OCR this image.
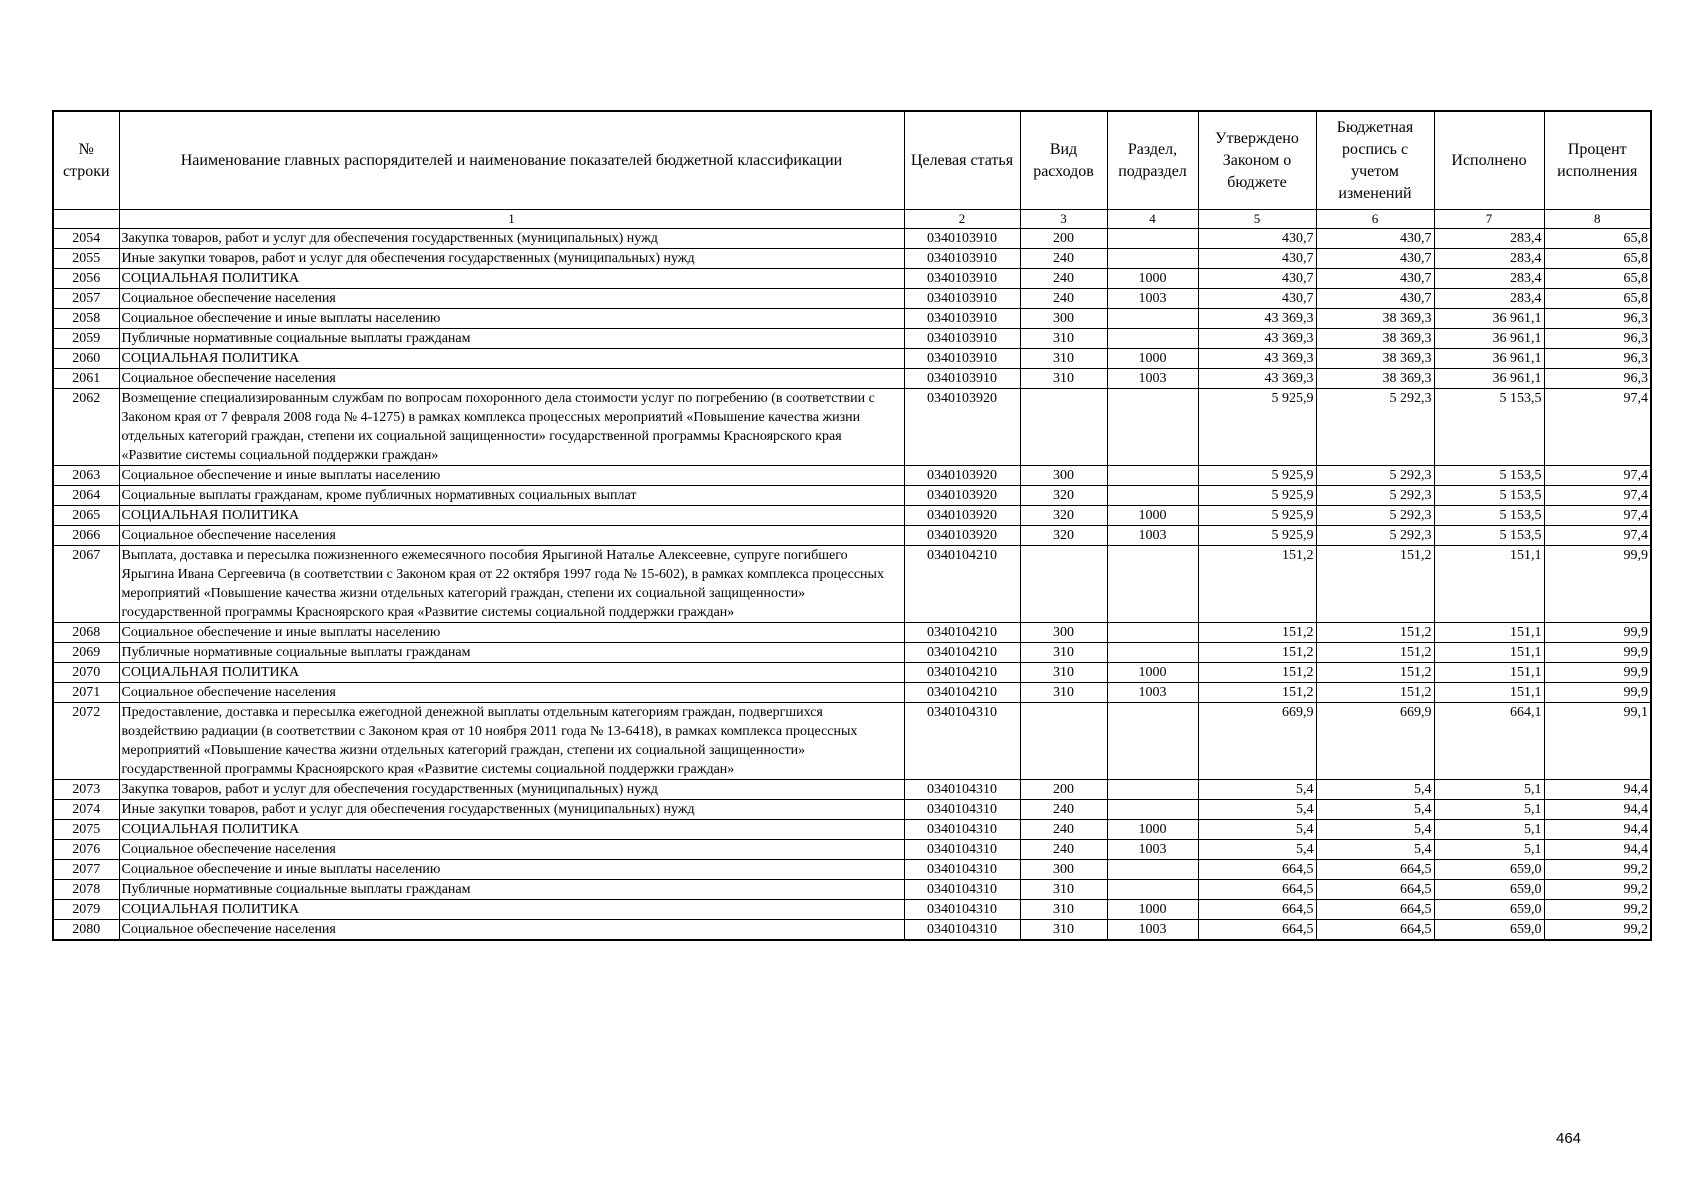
№ строки	Наименование главных распорядителей и наименование показателей бюджетной классификации	Целевая статья	Вид расходов	Раздел, подраздел	Утверждено Законом о бюджете	Бюджетная роспись с учетом изменений	Исполнено	Процент исполнения
	1	2	3	4	5	6	7	8
2054	Закупка товаров, работ и услуг для обеспечения государственных (муниципальных) нужд	0340103910	200		430,7	430,7	283,4	65,8
2055	Иные закупки товаров, работ и услуг для обеспечения государственных (муниципальных) нужд	0340103910	240		430,7	430,7	283,4	65,8
2056	СОЦИАЛЬНАЯ ПОЛИТИКА	0340103910	240	1000	430,7	430,7	283,4	65,8
2057	Социальное обеспечение населения	0340103910	240	1003	430,7	430,7	283,4	65,8
2058	Социальное обеспечение и иные выплаты населению	0340103910	300		43 369,3	38 369,3	36 961,1	96,3
2059	Публичные нормативные социальные выплаты гражданам	0340103910	310		43 369,3	38 369,3	36 961,1	96,3
2060	СОЦИАЛЬНАЯ ПОЛИТИКА	0340103910	310	1000	43 369,3	38 369,3	36 961,1	96,3
2061	Социальное обеспечение населения	0340103910	310	1003	43 369,3	38 369,3	36 961,1	96,3
2062	Возмещение специализированным службам по вопросам похоронного дела стоимости услуг по погребению (в соответствии с Законом края от 7 февраля 2008 года № 4-1275) в рамках комплекса процессных мероприятий «Повышение качества жизни отдельных категорий граждан, степени их социальной защищенности» государственной программы Красноярского края «Развитие системы социальной поддержки граждан»	0340103920			5 925,9	5 292,3	5 153,5	97,4
2063	Социальное обеспечение и иные выплаты населению	0340103920	300		5 925,9	5 292,3	5 153,5	97,4
2064	Социальные выплаты гражданам, кроме публичных нормативных социальных выплат	0340103920	320		5 925,9	5 292,3	5 153,5	97,4
2065	СОЦИАЛЬНАЯ ПОЛИТИКА	0340103920	320	1000	5 925,9	5 292,3	5 153,5	97,4
2066	Социальное обеспечение населения	0340103920	320	1003	5 925,9	5 292,3	5 153,5	97,4
2067	Выплата, доставка и пересылка пожизненного ежемесячного пособия Ярыгиной Наталье Алексеевне, супруге погибшего Ярыгина Ивана Сергеевича (в соответствии с Законом края от 22 октября 1997 года № 15-602), в рамках комплекса процессных мероприятий «Повышение качества жизни отдельных категорий граждан, степени их социальной защищенности» государственной программы Красноярского края «Развитие системы социальной поддержки граждан»	0340104210			151,2	151,2	151,1	99,9
2068	Социальное обеспечение и иные выплаты населению	0340104210	300		151,2	151,2	151,1	99,9
2069	Публичные нормативные социальные выплаты гражданам	0340104210	310		151,2	151,2	151,1	99,9
2070	СОЦИАЛЬНАЯ ПОЛИТИКА	0340104210	310	1000	151,2	151,2	151,1	99,9
2071	Социальное обеспечение населения	0340104210	310	1003	151,2	151,2	151,1	99,9
2072	Предоставление, доставка и пересылка ежегодной денежной выплаты отдельным категориям граждан, подвергшихся воздействию радиации (в соответствии с Законом края от 10 ноября 2011 года № 13-6418), в рамках комплекса процессных мероприятий «Повышение качества жизни отдельных категорий граждан, степени их социальной защищенности» государственной программы Красноярского края «Развитие системы социальной поддержки граждан»	0340104310			669,9	669,9	664,1	99,1
2073	Закупка товаров, работ и услуг для обеспечения государственных (муниципальных) нужд	0340104310	200		5,4	5,4	5,1	94,4
2074	Иные закупки товаров, работ и услуг для обеспечения государственных (муниципальных) нужд	0340104310	240		5,4	5,4	5,1	94,4
2075	СОЦИАЛЬНАЯ ПОЛИТИКА	0340104310	240	1000	5,4	5,4	5,1	94,4
2076	Социальное обеспечение населения	0340104310	240	1003	5,4	5,4	5,1	94,4
2077	Социальное обеспечение и иные выплаты населению	0340104310	300		664,5	664,5	659,0	99,2
2078	Публичные нормативные социальные выплаты гражданам	0340104310	310		664,5	664,5	659,0	99,2
2079	СОЦИАЛЬНАЯ ПОЛИТИКА	0340104310	310	1000	664,5	664,5	659,0	99,2
2080	Социальное обеспечение населения	0340104310	310	1003	664,5	664,5	659,0	99,2
464
